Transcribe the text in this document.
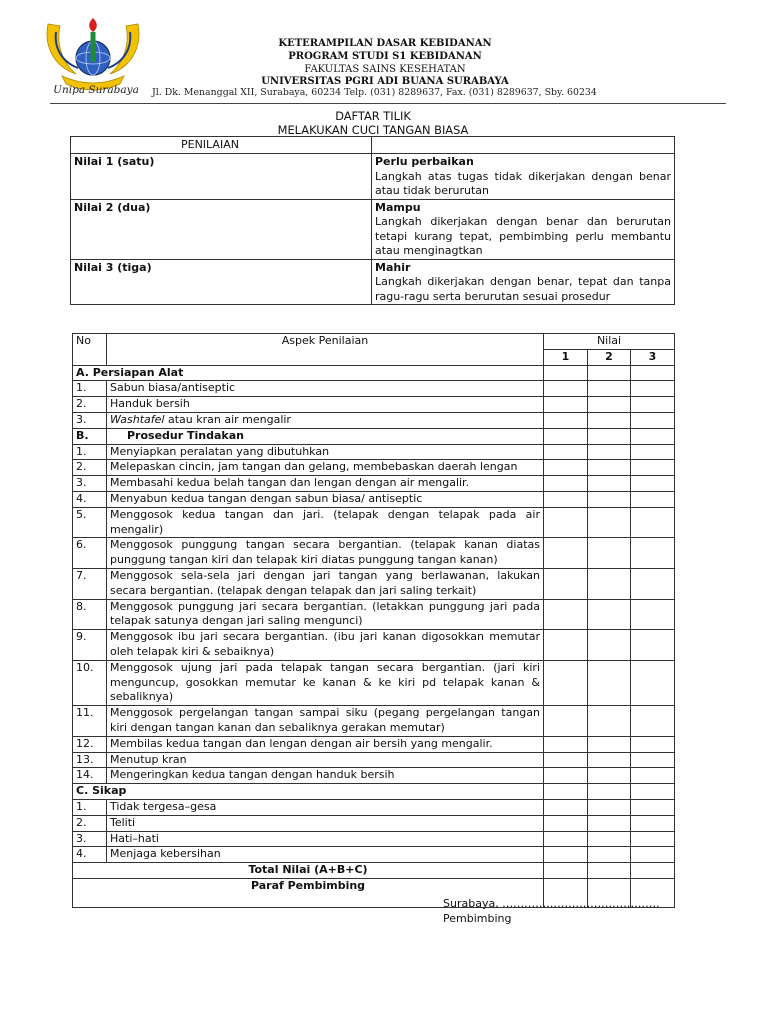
Unipa Surabaya
KETERAMPILAN DASAR KEBIDANAN
PROGRAM STUDI S1 KEBIDANAN
FAKULTAS SAINS KESEHATAN
UNIVERSITAS PGRI ADI BUANA SURABAYA
Jl. Dk. Menanggal XII, Surabaya, 60234 Telp. (031) 8289637, Fax. (031) 8289637, Sby. 60234
DAFTAR TILIK
MELAKUKAN CUCI TANGAN BIASA
PENILAIAN	
Nilai 1 (satu)	Perlu perbaikan
Langkah atas tugas tidak dikerjakan dengan benar atau tidak berurutan

Nilai 2 (dua)	Mampu
Langkah dikerjakan dengan benar dan berurutan tetapi kurang tepat, pembimbing perlu membantu atau menginagtkan

Nilai 3 (tiga)	Mahir
Langkah dikerjakan dengan benar, tepat dan tanpa ragu-ragu serta berurutan sesuai prosedur
No	Aspek Penilaian	Nilai		
		1	2	3
A. Persiapan Alat				
1.	Sabun biasa/antiseptic			
2.	Handuk bersih			
3.	Washtafel atau kran air mengalir			
B.	Prosedur Tindakan			
1.	Menyiapkan peralatan yang dibutuhkan			
2.	Melepaskan cincin, jam tangan dan gelang, membebaskan daerah lengan			
3.	Membasahi kedua belah tangan dan lengan dengan air mengalir.			
4.	Menyabun kedua tangan dengan sabun biasa/ antiseptic			
5.	Menggosok kedua tangan dan jari. (telapak dengan telapak pada air mengalir)			
6.	Menggosok punggung tangan secara bergantian. (telapak kanan diatas punggung tangan kiri dan telapak kiri diatas punggung tangan kanan)			
7.	Menggosok sela-sela jari dengan jari tangan yang berlawanan, lakukan secara bergantian. (telapak dengan telapak dan jari saling terkait)			
8.	Menggosok punggung jari secara bergantian. (letakkan punggung jari pada telapak satunya dengan jari saling mengunci)			
9.	Menggosok ibu jari secara bergantian. (ibu jari kanan digosokkan memutar oleh telapak kiri & sebaiknya)			
10.	Menggosok ujung jari pada telapak tangan secara bergantian. (jari kiri menguncup, gosokkan memutar ke kanan & ke kiri pd telapak kanan & sebaliknya)			
11.	Menggosok pergelangan tangan sampai siku (pegang pergelangan tangan kiri dengan tangan kanan dan sebaliknya gerakan memutar)			
12.	Membilas kedua tangan dan lengan dengan air bersih yang mengalir.			
13.	Menutup kran			
14.	Mengeringkan kedua tangan dengan handuk bersih			
C. Sikap				
1.	Tidak tergesa–gesa			
2.	Teliti			
3.	Hati–hati			
4.	Menjaga kebersihan			
Total Nilai (A+B+C)				
Paraf Pembimbing				
Surabaya, …………………………………….
Pembimbing
